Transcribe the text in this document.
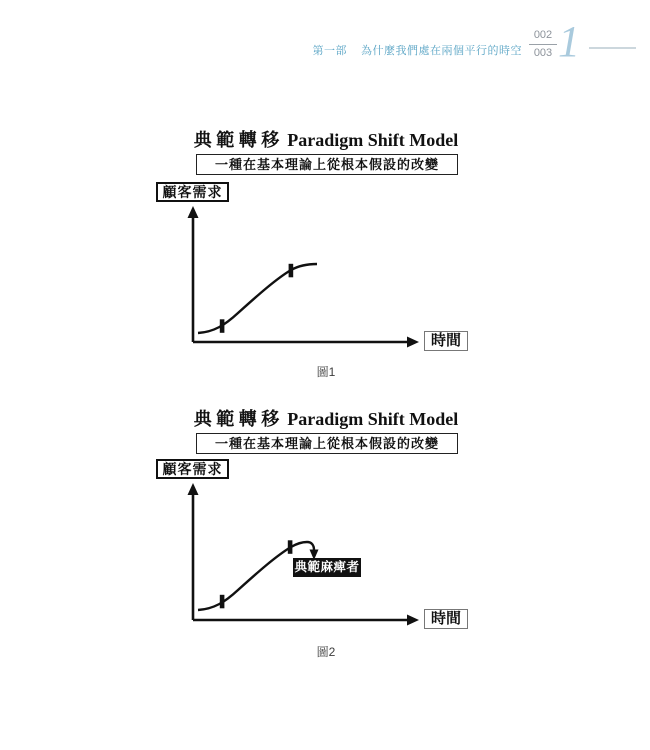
第一部 為什麼我們處在兩個平行的時空
002
003 1
典 範 轉 移 Paradigm Shift Model
一種在基本理論上從根本假設的改變
顧客需求
時間
圖1
典 範 轉 移 Paradigm Shift Model
一種在基本理論上從根本假設的改變
顧客需求
典範麻痺者
時間
圖2
